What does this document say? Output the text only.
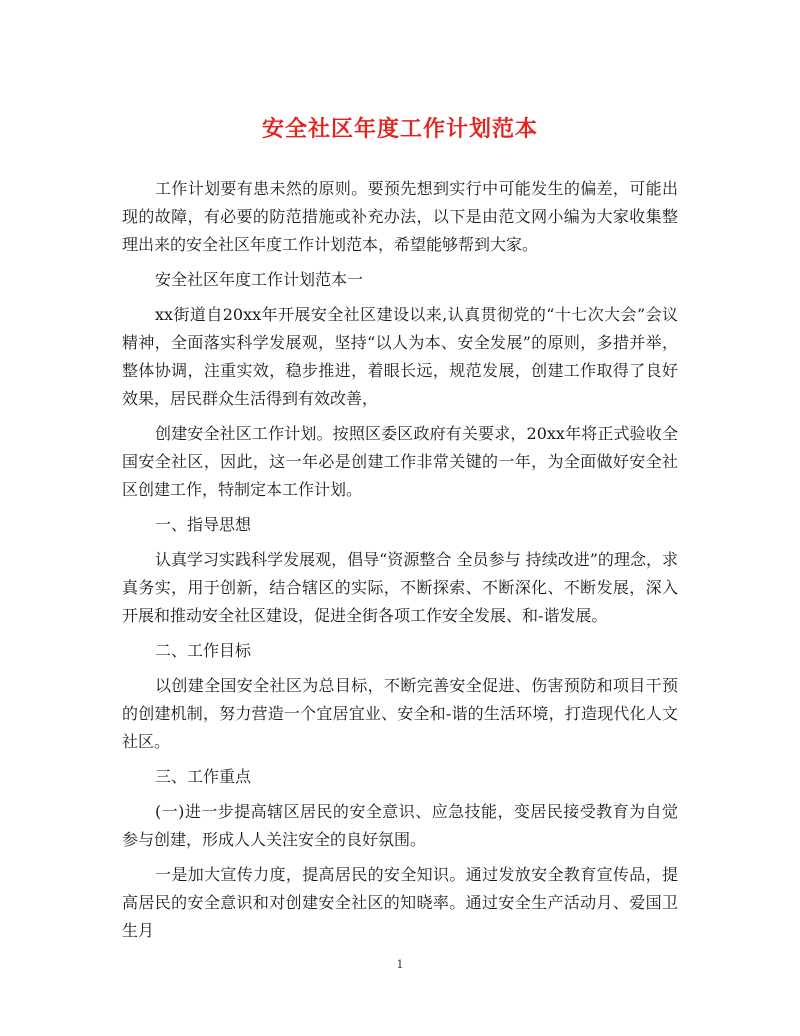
安全社区年度工作计划范本

工作计划要有患未然的原则。要预先想到实行中可能发生的偏差，可能出现的故障，有必要的防范措施或补充办法，以下是由范文网小编为大家收集整理出来的安全社区年度工作计划范本，希望能够帮到大家。

安全社区年度工作计划范本一

xx街道自20xx年开展安全社区建设以来,认真贯彻党的“十七次大会”会议精神，全面落实科学发展观，坚持“以人为本、安全发展”的原则，多措并举，整体协调，注重实效，稳步推进，着眼长远，规范发展，创建工作取得了良好效果，居民群众生活得到有效改善，

创建安全社区工作计划。按照区委区政府有关要求，20xx年将正式验收全国安全社区，因此，这一年必是创建工作非常关键的一年，为全面做好安全社区创建工作，特制定本工作计划。

一、指导思想

认真学习实践科学发展观，倡导“资源整合 全员参与 持续改进”的理念，求真务实，用于创新，结合辖区的实际，不断探索、不断深化、不断发展，深入开展和推动安全社区建设，促进全街各项工作安全发展、和-谐发展。

二、工作目标

以创建全国安全社区为总目标，不断完善安全促进、伤害预防和项目干预的创建机制，努力营造一个宜居宜业、安全和-谐的生活环境，打造现代化人文社区。

三、工作重点

(一)进一步提高辖区居民的安全意识、应急技能，变居民接受教育为自觉参与创建，形成人人关注安全的良好氛围。

一是加大宣传力度，提高居民的安全知识。通过发放安全教育宣传品，提高居民的安全意识和对创建安全社区的知晓率。通过安全生产活动月、爱国卫生月

1
